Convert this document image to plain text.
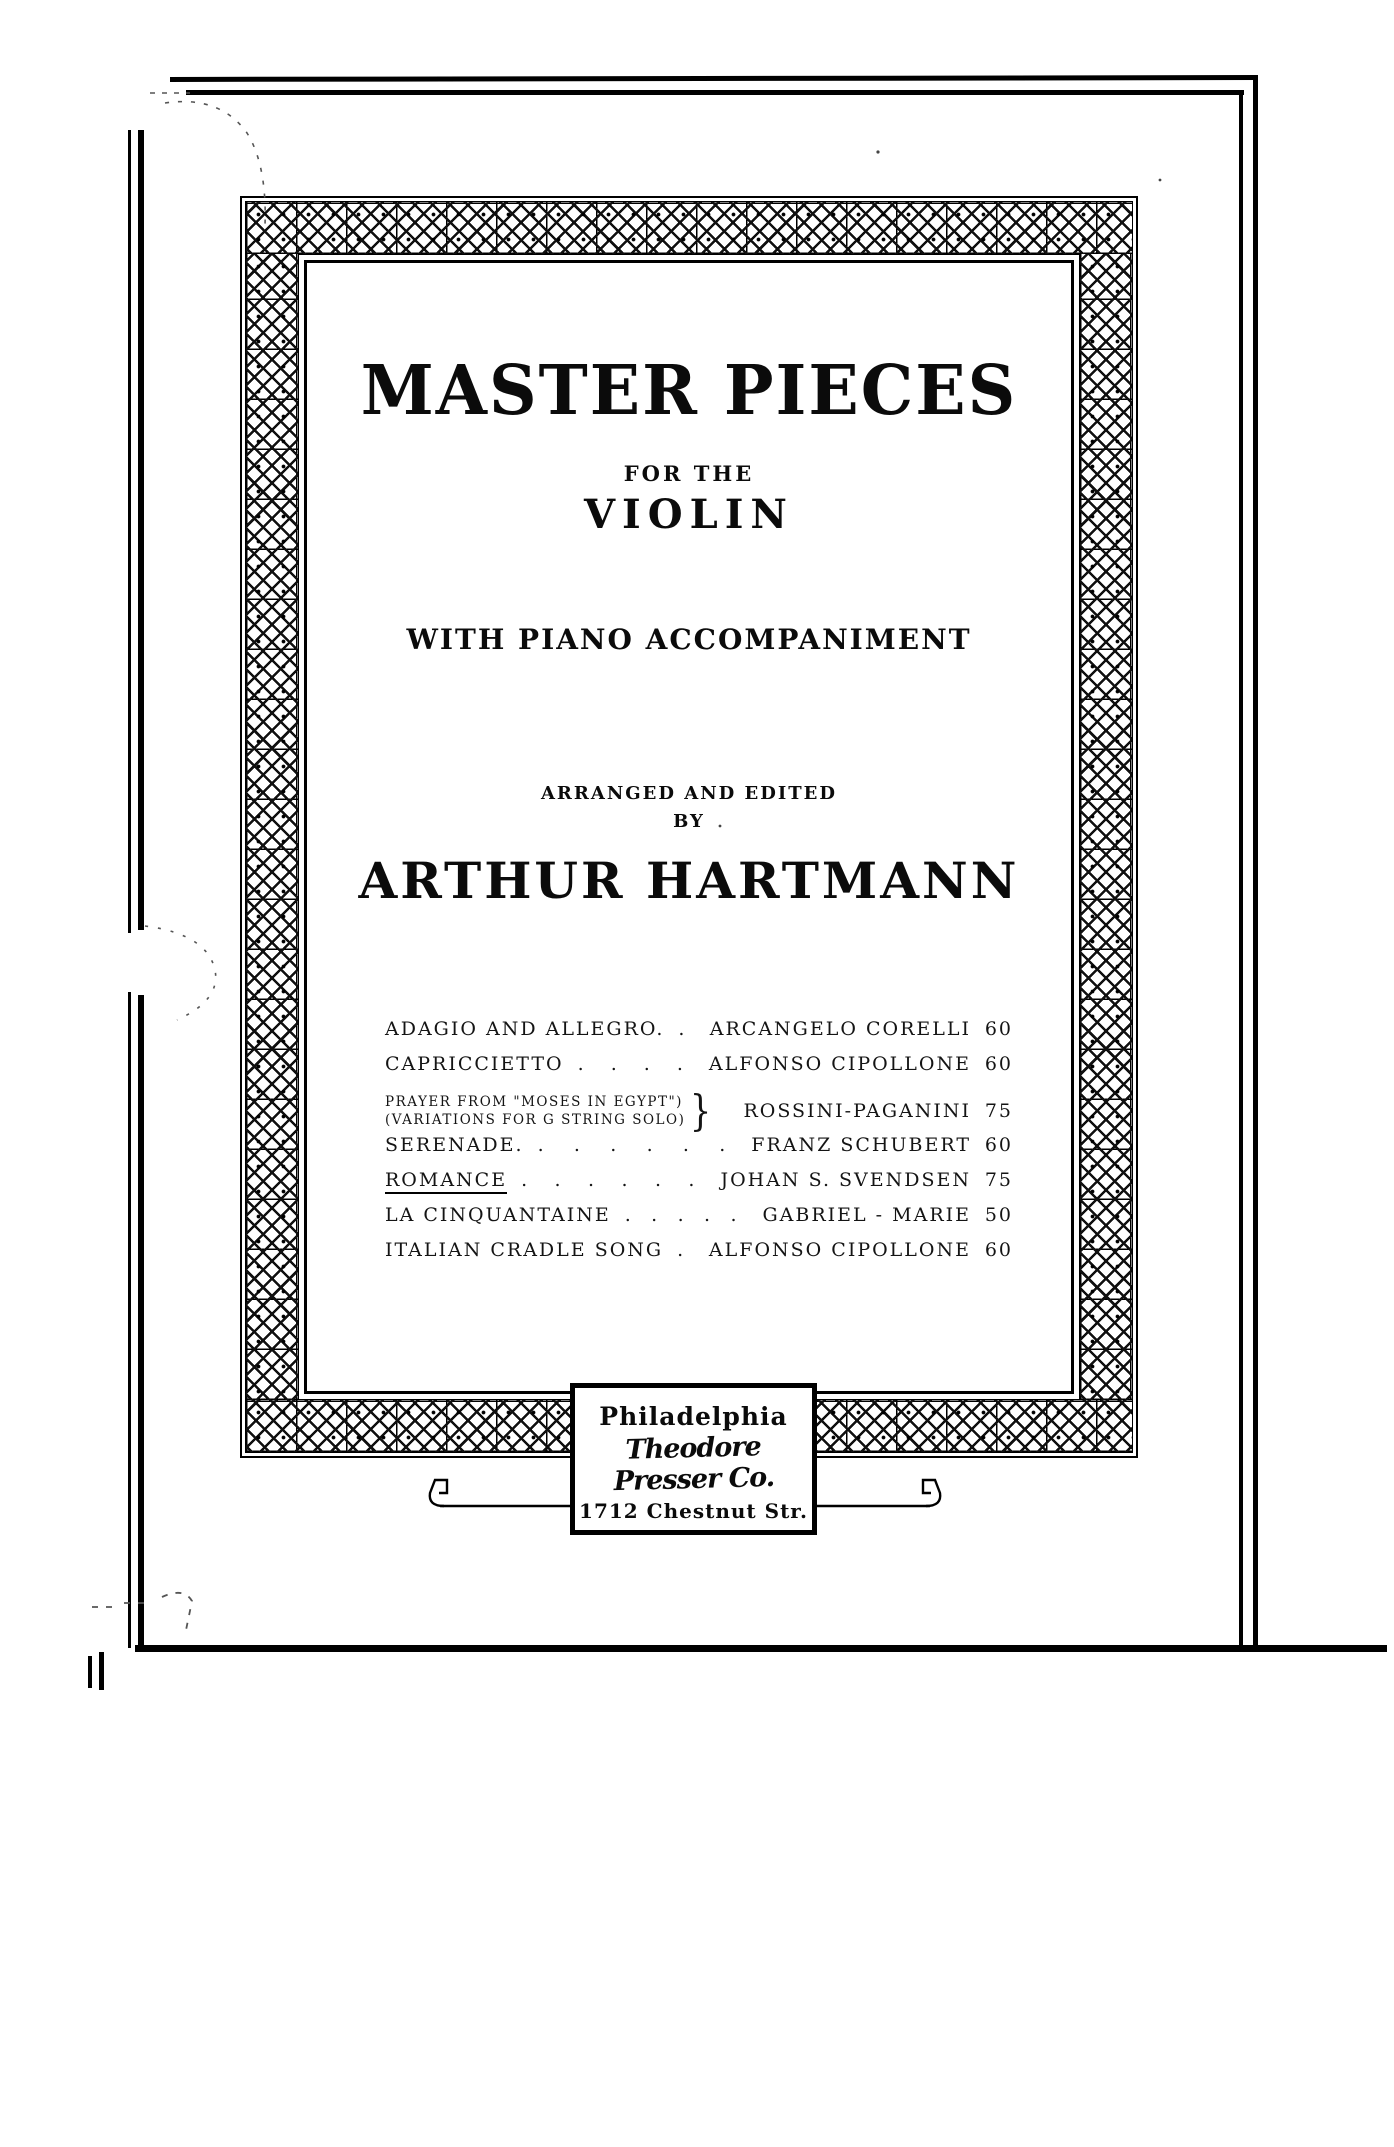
MASTER PIECES
FOR THE
VIOLIN
WITH PIANO ACCOMPANIMENT
ARRANGED AND EDITED
BY
ARTHUR HARTMANN
ADAGIO AND ALLEGRO. .	ARCANGELO CORELLI 60
CAPRICCIETTO . . . .	ALFONSO CIPOLLONE 60
PRAYER FROM "MOSES IN EGYPT")
(VARIATIONS FOR G STRING SOLO) } ROSSINI-PAGANINI 75
SERENADE. . . . . . .	FRANZ SCHUBERT 60
ROMANCE . . . . . .	JOHAN S. SVENDSEN 75
LA CINQUANTAINE . . . . .	GABRIEL - MARIE 50
ITALIAN CRADLE SONG .	ALFONSO CIPOLLONE 60
Philadelphia
Theodore Presser Co.
1712 Chestnut Str.
